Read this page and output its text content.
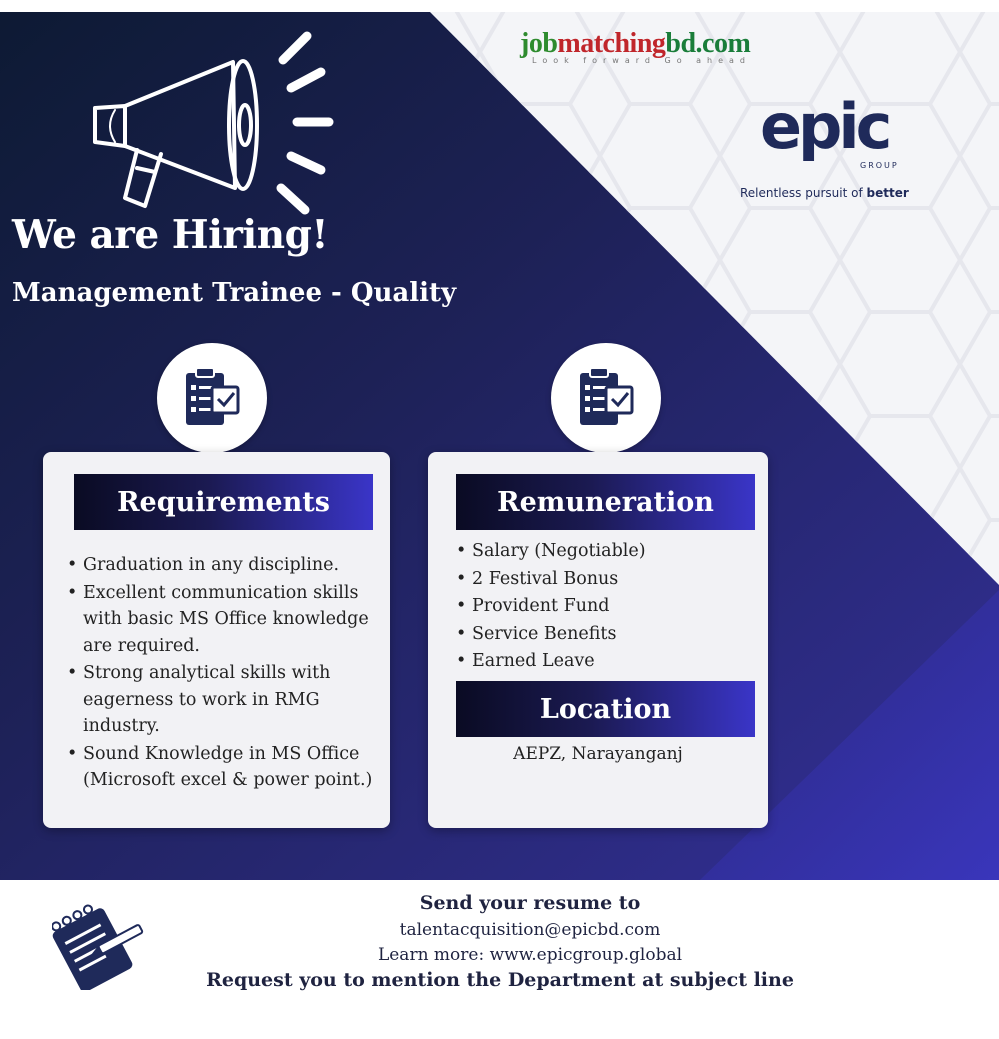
jobmatchingbd.com
Look forward Go ahead
epic
GROUP
Relentless pursuit of better
We are Hiring!
Management Trainee - Quality
Requirements
• Graduation in any discipline.
• Excellent communication skills with basic MS Office knowledge are required.
• Strong analytical skills with eagerness to work in RMG industry.
• Sound Knowledge in MS Office (Microsoft excel & power point.)
Remuneration
• Salary (Negotiable)
• 2 Festival Bonus
• Provident Fund
• Service Benefits
• Earned Leave
Location
AEPZ, Narayanganj
Send your resume to
talentacquisition@epicbd.com
Learn more: www.epicgroup.global
Request you to mention the Department at subject line
